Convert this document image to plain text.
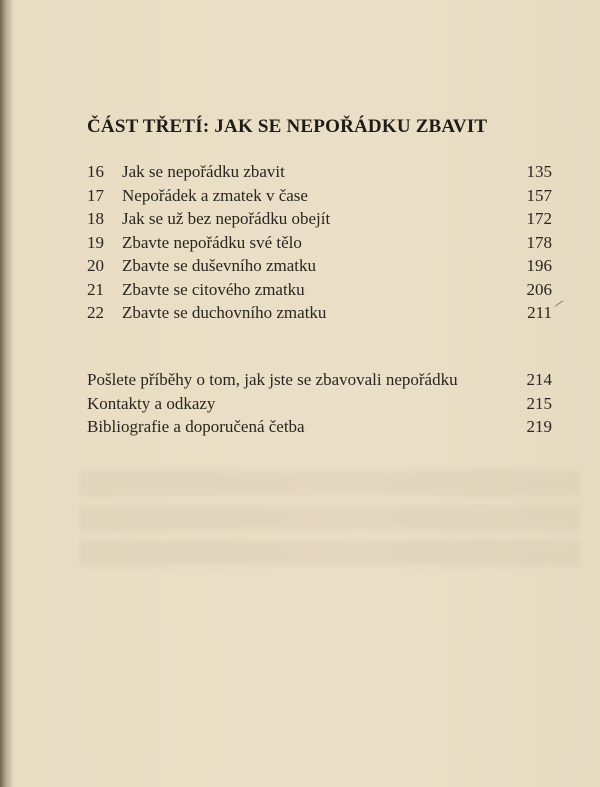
ČÁST TŘETÍ: JAK SE NEPOŘÁDKU ZBAVIT
16	Jak se nepořádku zbavit	135
17	Nepořádek a zmatek v čase	157
18	Jak se už bez nepořádku obejít	172
19	Zbavte nepořádku své tělo	178
20	Zbavte se duševního zmatku	196
21	Zbavte se citového zmatku	206
22	Zbavte se duchovního zmatku	211
Pošlete příběhy o tom, jak jste se zbavovali nepořádku	214
Kontakty a odkazy	215
Bibliografie a doporučená četba	219
